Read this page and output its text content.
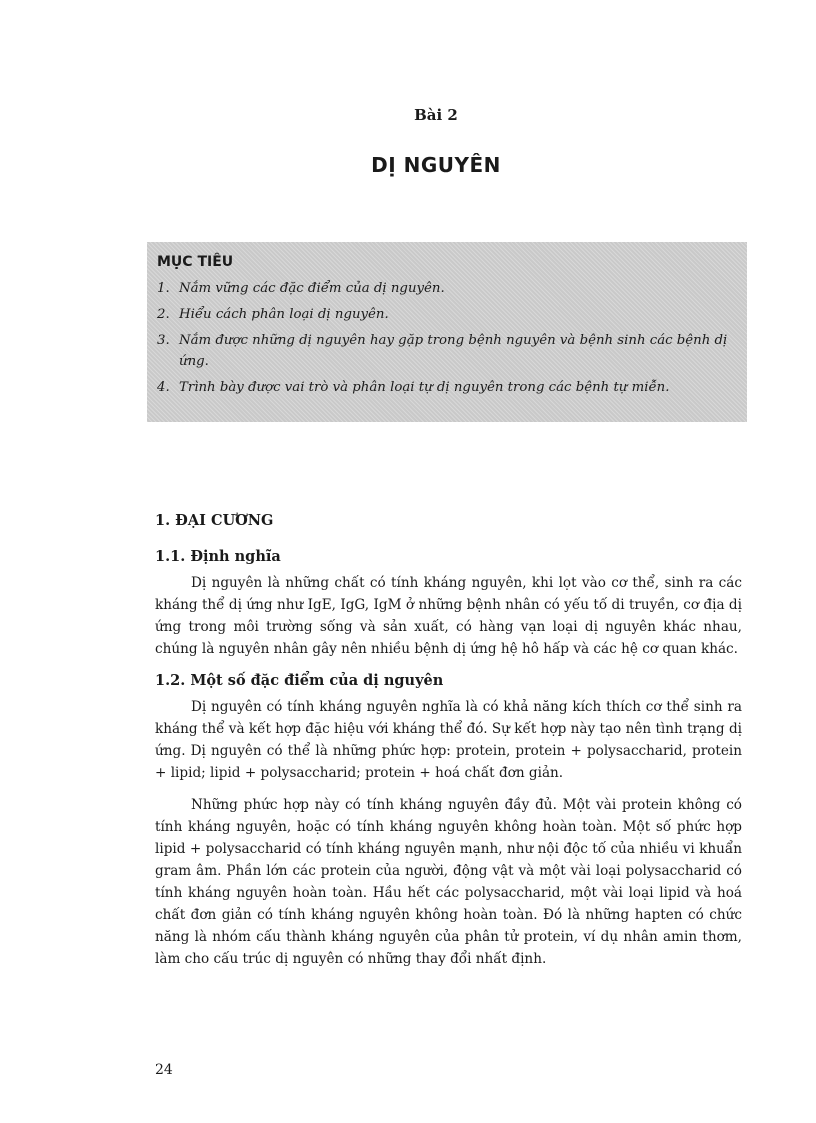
Bài 2
DỊ NGUYÊN
MỤC TIÊU
1. Nắm vững các đặc điểm của dị nguyên.
2. Hiểu cách phân loại dị nguyên.
3. Nắm được những dị nguyên hay gặp trong bệnh nguyên và bệnh sinh các bệnh dị ứng.
4. Trình bày được vai trò và phân loại tự dị nguyên trong các bệnh tự miễn.
1. ĐẠI CƯƠNG
1.1. Định nghĩa

Dị nguyên là những chất có tính kháng nguyên, khi lọt vào cơ thể, sinh ra các kháng thể dị ứng như IgE, IgG, IgM ở những bệnh nhân có yếu tố di truyền, cơ địa dị ứng trong môi trường sống và sản xuất, có hàng vạn loại dị nguyên khác nhau, chúng là nguyên nhân gây nên nhiều bệnh dị ứng hệ hô hấp và các hệ cơ quan khác.

1.2. Một số đặc điểm của dị nguyên

Dị nguyên có tính kháng nguyên nghĩa là có khả năng kích thích cơ thể sinh ra kháng thể và kết hợp đặc hiệu với kháng thể đó. Sự kết hợp này tạo nên tình trạng dị ứng. Dị nguyên có thể là những phức hợp: protein, protein + polysaccharid, protein + lipid; lipid + polysaccharid; protein + hoá chất đơn giản.

Những phức hợp này có tính kháng nguyên đầy đủ. Một vài protein không có tính kháng nguyên, hoặc có tính kháng nguyên không hoàn toàn. Một số phức hợp lipid + polysaccharid có tính kháng nguyên mạnh, như nội độc tố của nhiều vi khuẩn gram âm. Phần lớn các protein của người, động vật và một vài loại polysaccharid có tính kháng nguyên hoàn toàn. Hầu hết các polysaccharid, một vài loại lipid và hoá chất đơn giản có tính kháng nguyên không hoàn toàn. Đó là những hapten có chức năng là nhóm cấu thành kháng nguyên của phân tử protein, ví dụ nhân amin thơm, làm cho cấu trúc dị nguyên có những thay đổi nhất định.

24
